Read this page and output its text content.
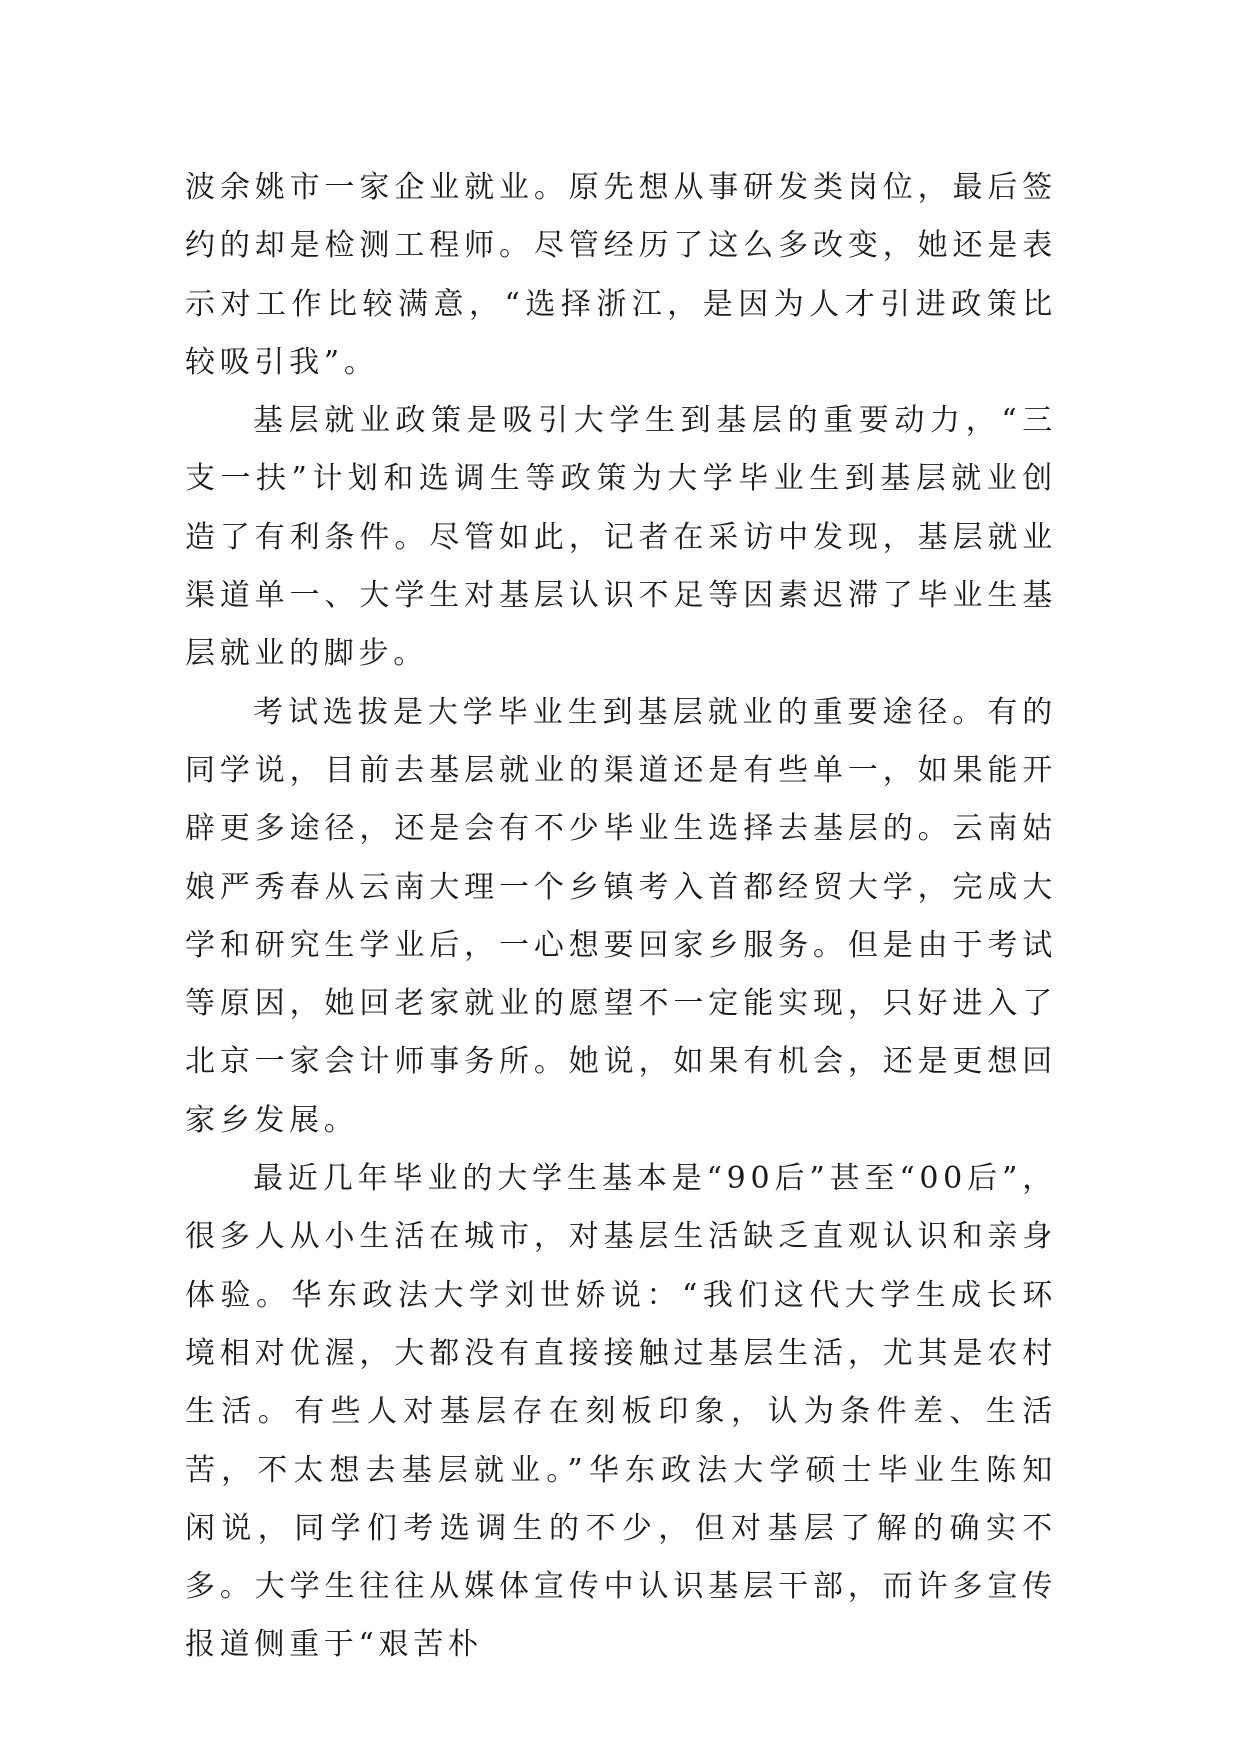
波余姚市一家企业就业。原先想从事研发类岗位，最后签约的却是检测工程师。尽管经历了这么多改变，她还是表示对工作比较满意，“选择浙江，是因为人才引进政策比较吸引我”。

基层就业政策是吸引大学生到基层的重要动力，“三支一扶”计划和选调生等政策为大学毕业生到基层就业创造了有利条件。尽管如此，记者在采访中发现，基层就业渠道单一、大学生对基层认识不足等因素迟滞了毕业生基层就业的脚步。

考试选拔是大学毕业生到基层就业的重要途径。有的同学说，目前去基层就业的渠道还是有些单一，如果能开辟更多途径，还是会有不少毕业生选择去基层的。云南姑娘严秀春从云南大理一个乡镇考入首都经贸大学，完成大学和研究生学业后，一心想要回家乡服务。但是由于考试等原因，她回老家就业的愿望不一定能实现，只好进入了北京一家会计师事务所。她说，如果有机会，还是更想回家乡发展。

最近几年毕业的大学生基本是“90后”甚至“00后”，很多人从小生活在城市，对基层生活缺乏直观认识和亲身体验。华东政法大学刘世娇说：“我们这代大学生成长环境相对优渥，大都没有直接接触过基层生活，尤其是农村生活。有些人对基层存在刻板印象，认为条件差、生活苦，不太想去基层就业。”华东政法大学硕士毕业生陈知闲说，同学们考选调生的不少，但对基层了解的确实不多。大学生往往从媒体宣传中认识基层干部，而许多宣传报道侧重于“艰苦朴
